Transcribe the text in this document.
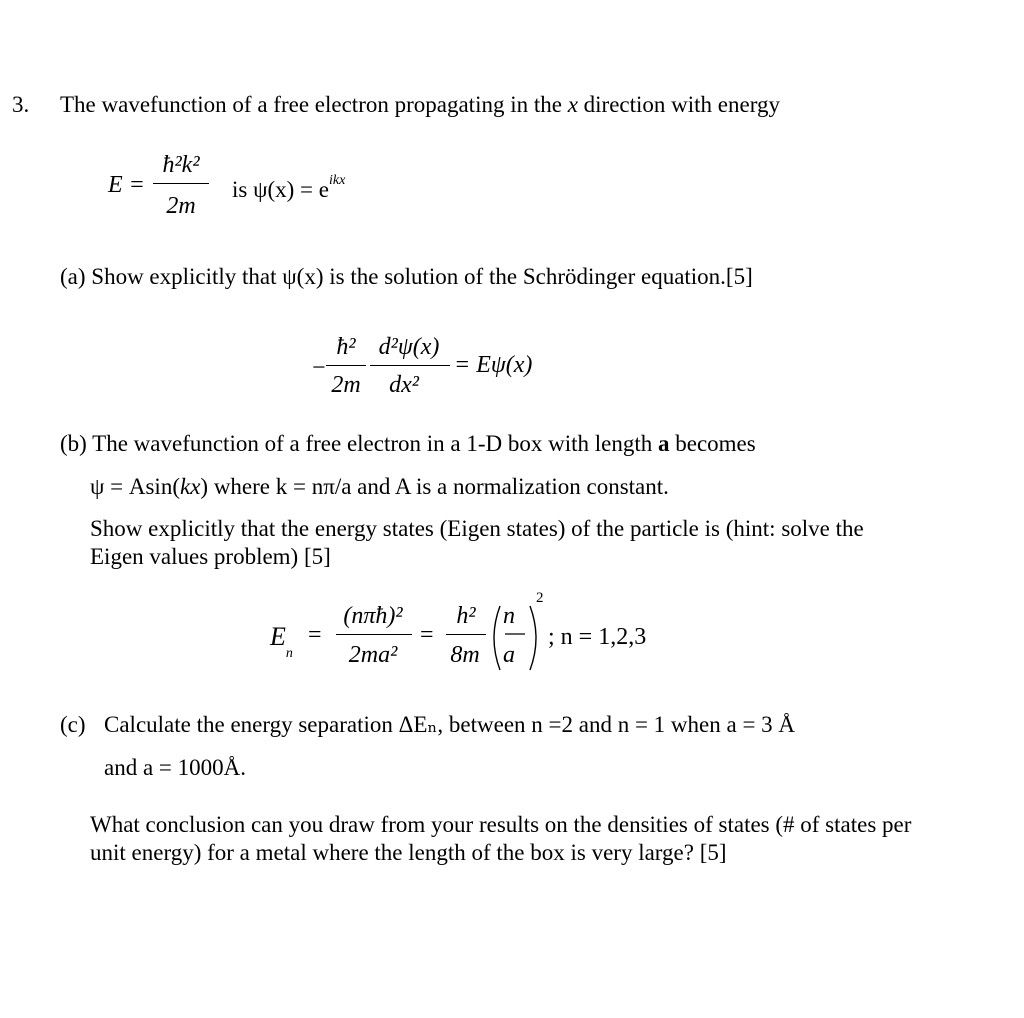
3. The wavefunction of a free electron propagating in the x direction with energy
E =
ħ²k²
2m
is $\psi(x) = e^{ikx}$
(a) Show explicitly that ψ(x) is the solution of the Schrödinger equation.[5]
−
ħ²
2m
d²ψ(x)
dx²
= Eψ(x)
(b) The wavefunction of a free electron in a 1-D box with length a becomes
ψ = Asin(kx) where k = nπ/a and A is a normalization constant.
Show explicitly that the energy states (Eigen states) of the particle is (hint: solve the
Eigen values problem) [5]
$E_n$
=
(nπħ)²
2ma²
=
h²
8m
n
a
2
; n = 1,2,3
(c) Calculate the energy separation ΔEₙ, between n =2 and n = 1 when a = 3 Å
and a = 1000Å.
What conclusion can you draw from your results on the densities of states (# of states per
unit energy) for a metal where the length of the box is very large? [5]
